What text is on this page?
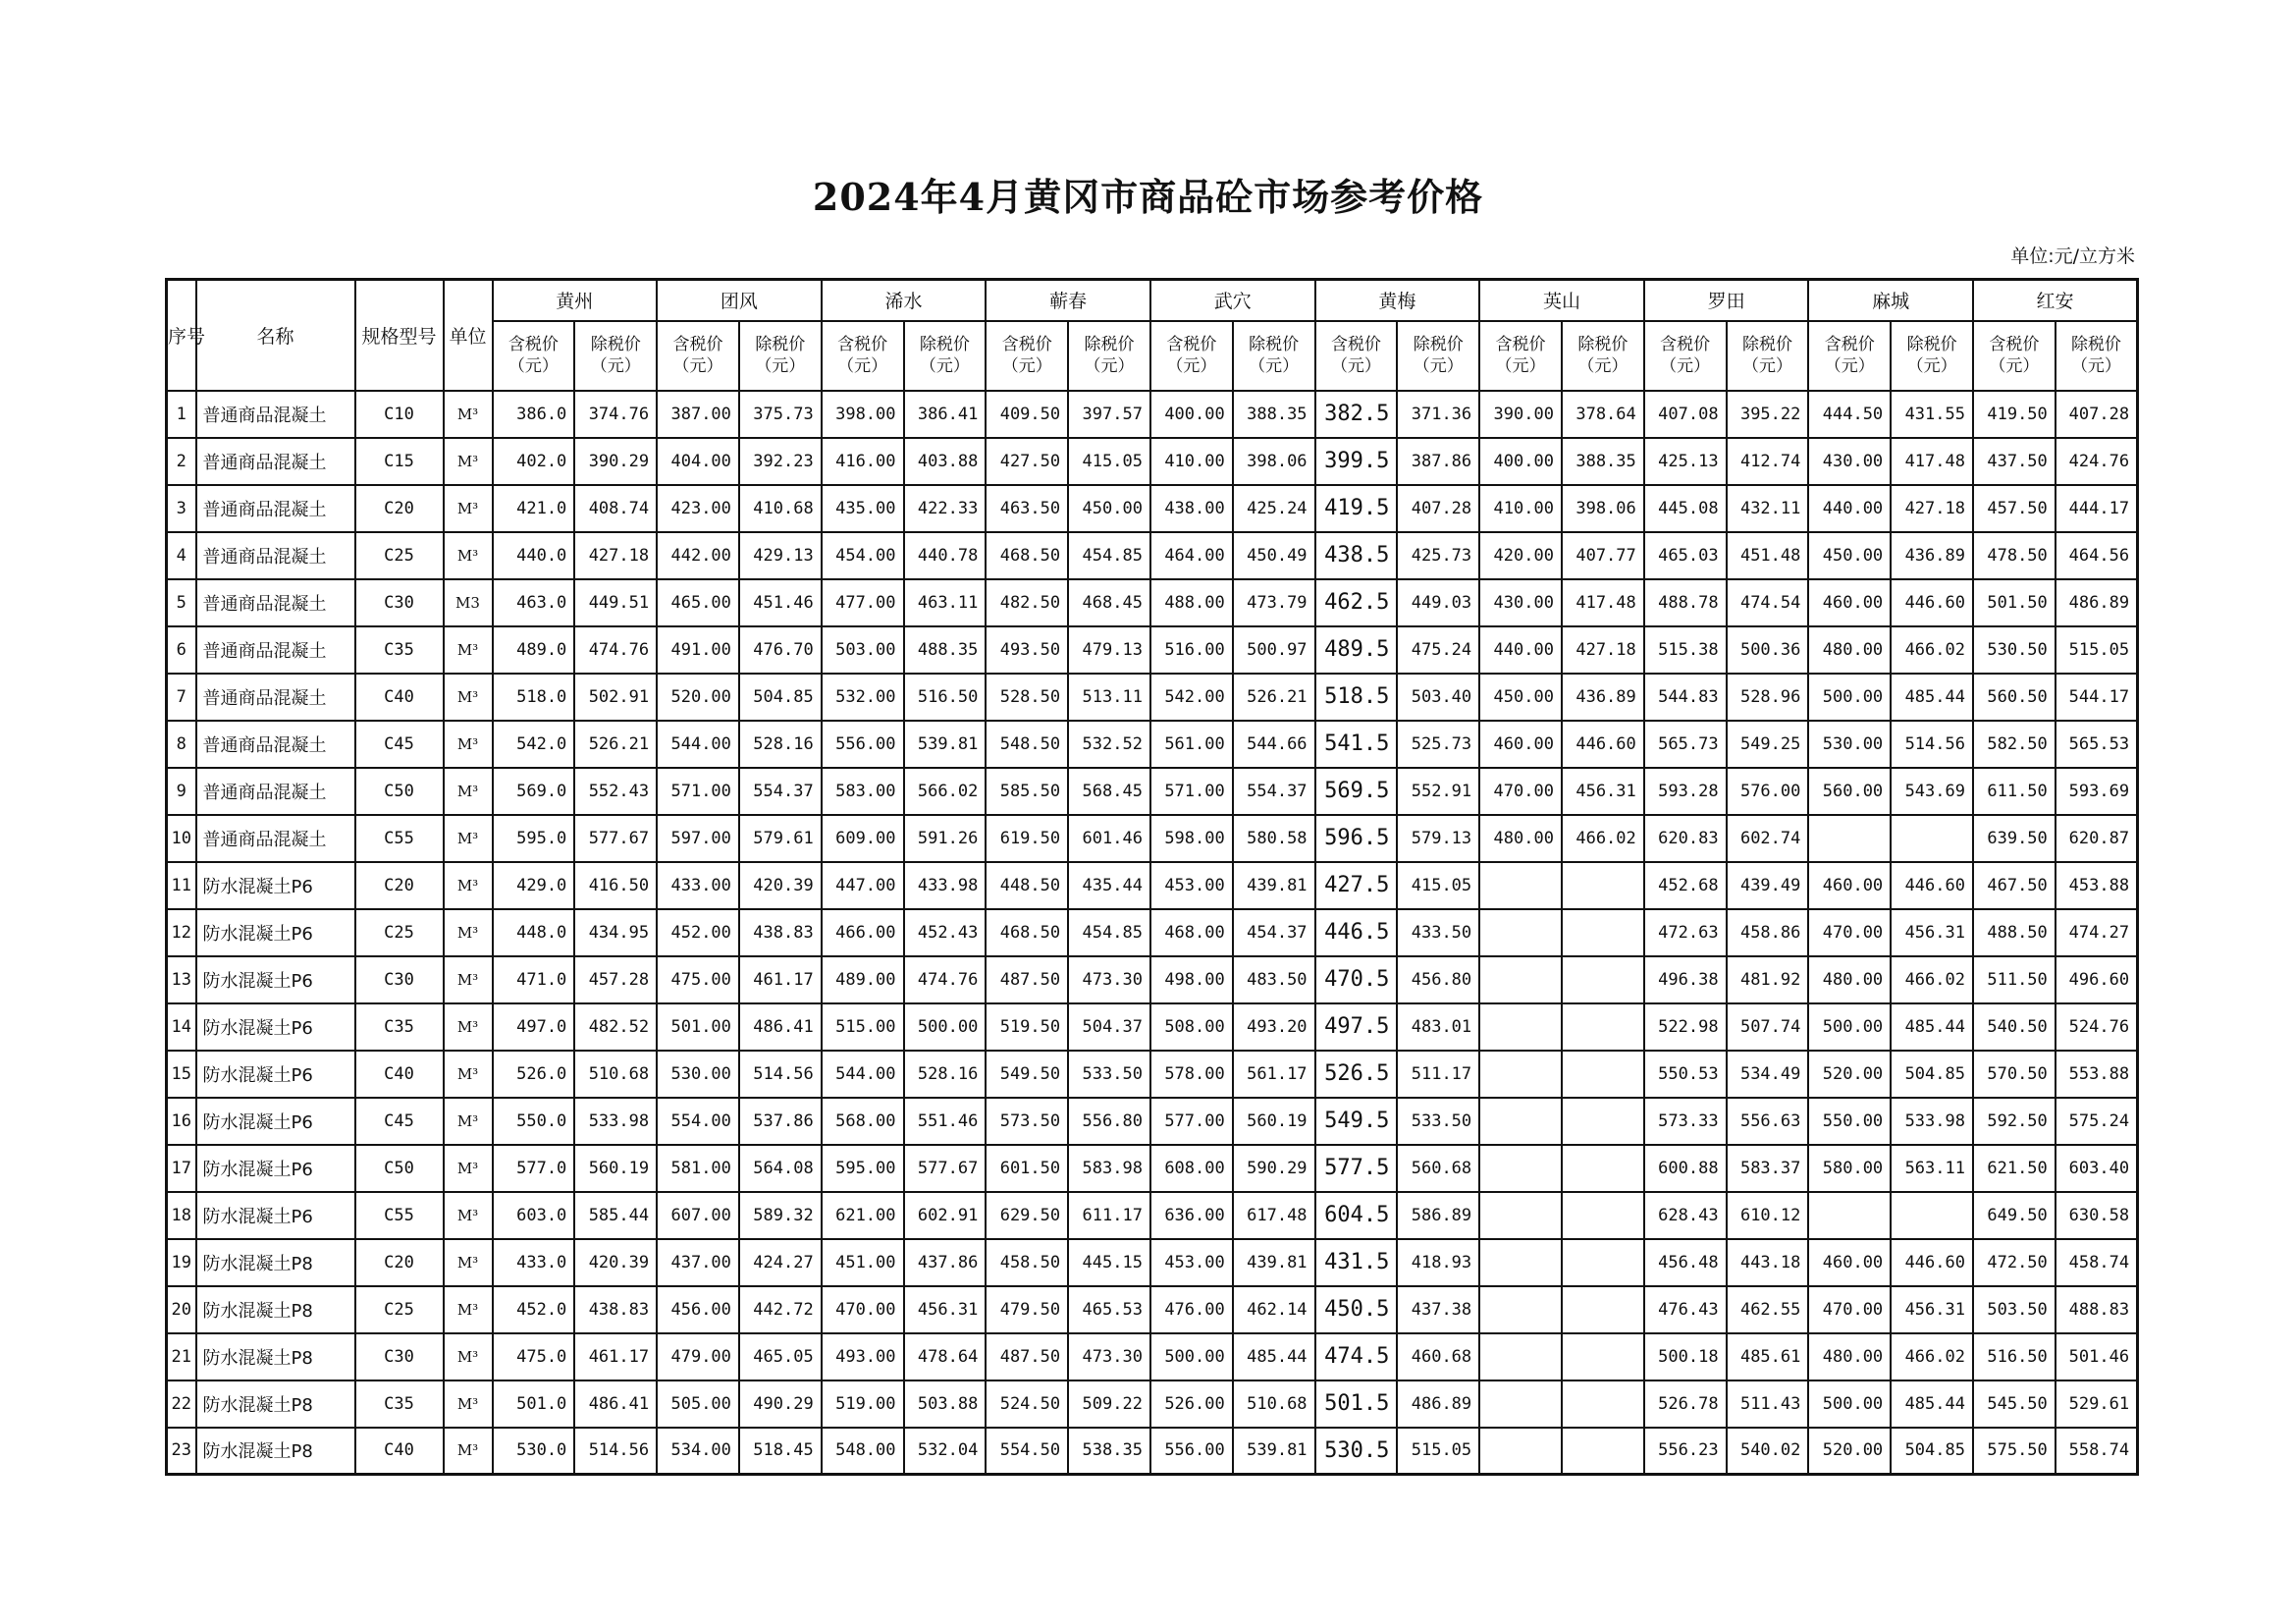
2024年4月黄冈市商品砼市场参考价格
单位:元/立方米
序号	名称	规格型号	单位	黄州		团风		浠水		蕲春		武穴		黄梅		英山		罗田		麻城		红安	
				含税价（元）	除税价（元）	含税价（元）	除税价（元）	含税价（元）	除税价（元）	含税价（元）	除税价（元）	含税价（元）	除税价（元）	含税价（元）	除税价（元）	含税价（元）	除税价（元）	含税价（元）	除税价（元）	含税价（元）	除税价（元）	含税价（元）	除税价（元）
1	普通商品混凝土	C10	M³	386.0	374.76	387.00	375.73	398.00	386.41	409.50	397.57	400.00	388.35	382.5	371.36	390.00	378.64	407.08	395.22	444.50	431.55	419.50	407.28
2	普通商品混凝土	C15	M³	402.0	390.29	404.00	392.23	416.00	403.88	427.50	415.05	410.00	398.06	399.5	387.86	400.00	388.35	425.13	412.74	430.00	417.48	437.50	424.76
3	普通商品混凝土	C20	M³	421.0	408.74	423.00	410.68	435.00	422.33	463.50	450.00	438.00	425.24	419.5	407.28	410.00	398.06	445.08	432.11	440.00	427.18	457.50	444.17
4	普通商品混凝土	C25	M³	440.0	427.18	442.00	429.13	454.00	440.78	468.50	454.85	464.00	450.49	438.5	425.73	420.00	407.77	465.03	451.48	450.00	436.89	478.50	464.56
5	普通商品混凝土	C30	M3	463.0	449.51	465.00	451.46	477.00	463.11	482.50	468.45	488.00	473.79	462.5	449.03	430.00	417.48	488.78	474.54	460.00	446.60	501.50	486.89
6	普通商品混凝土	C35	M³	489.0	474.76	491.00	476.70	503.00	488.35	493.50	479.13	516.00	500.97	489.5	475.24	440.00	427.18	515.38	500.36	480.00	466.02	530.50	515.05
7	普通商品混凝土	C40	M³	518.0	502.91	520.00	504.85	532.00	516.50	528.50	513.11	542.00	526.21	518.5	503.40	450.00	436.89	544.83	528.96	500.00	485.44	560.50	544.17
8	普通商品混凝土	C45	M³	542.0	526.21	544.00	528.16	556.00	539.81	548.50	532.52	561.00	544.66	541.5	525.73	460.00	446.60	565.73	549.25	530.00	514.56	582.50	565.53
9	普通商品混凝土	C50	M³	569.0	552.43	571.00	554.37	583.00	566.02	585.50	568.45	571.00	554.37	569.5	552.91	470.00	456.31	593.28	576.00	560.00	543.69	611.50	593.69
10	普通商品混凝土	C55	M³	595.0	577.67	597.00	579.61	609.00	591.26	619.50	601.46	598.00	580.58	596.5	579.13	480.00	466.02	620.83	602.74			639.50	620.87
11	防水混凝土P6	C20	M³	429.0	416.50	433.00	420.39	447.00	433.98	448.50	435.44	453.00	439.81	427.5	415.05			452.68	439.49	460.00	446.60	467.50	453.88
12	防水混凝土P6	C25	M³	448.0	434.95	452.00	438.83	466.00	452.43	468.50	454.85	468.00	454.37	446.5	433.50			472.63	458.86	470.00	456.31	488.50	474.27
13	防水混凝土P6	C30	M³	471.0	457.28	475.00	461.17	489.00	474.76	487.50	473.30	498.00	483.50	470.5	456.80			496.38	481.92	480.00	466.02	511.50	496.60
14	防水混凝土P6	C35	M³	497.0	482.52	501.00	486.41	515.00	500.00	519.50	504.37	508.00	493.20	497.5	483.01			522.98	507.74	500.00	485.44	540.50	524.76
15	防水混凝土P6	C40	M³	526.0	510.68	530.00	514.56	544.00	528.16	549.50	533.50	578.00	561.17	526.5	511.17			550.53	534.49	520.00	504.85	570.50	553.88
16	防水混凝土P6	C45	M³	550.0	533.98	554.00	537.86	568.00	551.46	573.50	556.80	577.00	560.19	549.5	533.50			573.33	556.63	550.00	533.98	592.50	575.24
17	防水混凝土P6	C50	M³	577.0	560.19	581.00	564.08	595.00	577.67	601.50	583.98	608.00	590.29	577.5	560.68			600.88	583.37	580.00	563.11	621.50	603.40
18	防水混凝土P6	C55	M³	603.0	585.44	607.00	589.32	621.00	602.91	629.50	611.17	636.00	617.48	604.5	586.89			628.43	610.12			649.50	630.58
19	防水混凝土P8	C20	M³	433.0	420.39	437.00	424.27	451.00	437.86	458.50	445.15	453.00	439.81	431.5	418.93			456.48	443.18	460.00	446.60	472.50	458.74
20	防水混凝土P8	C25	M³	452.0	438.83	456.00	442.72	470.00	456.31	479.50	465.53	476.00	462.14	450.5	437.38			476.43	462.55	470.00	456.31	503.50	488.83
21	防水混凝土P8	C30	M³	475.0	461.17	479.00	465.05	493.00	478.64	487.50	473.30	500.00	485.44	474.5	460.68			500.18	485.61	480.00	466.02	516.50	501.46
22	防水混凝土P8	C35	M³	501.0	486.41	505.00	490.29	519.00	503.88	524.50	509.22	526.00	510.68	501.5	486.89			526.78	511.43	500.00	485.44	545.50	529.61
23	防水混凝土P8	C40	M³	530.0	514.56	534.00	518.45	548.00	532.04	554.50	538.35	556.00	539.81	530.5	515.05			556.23	540.02	520.00	504.85	575.50	558.74
